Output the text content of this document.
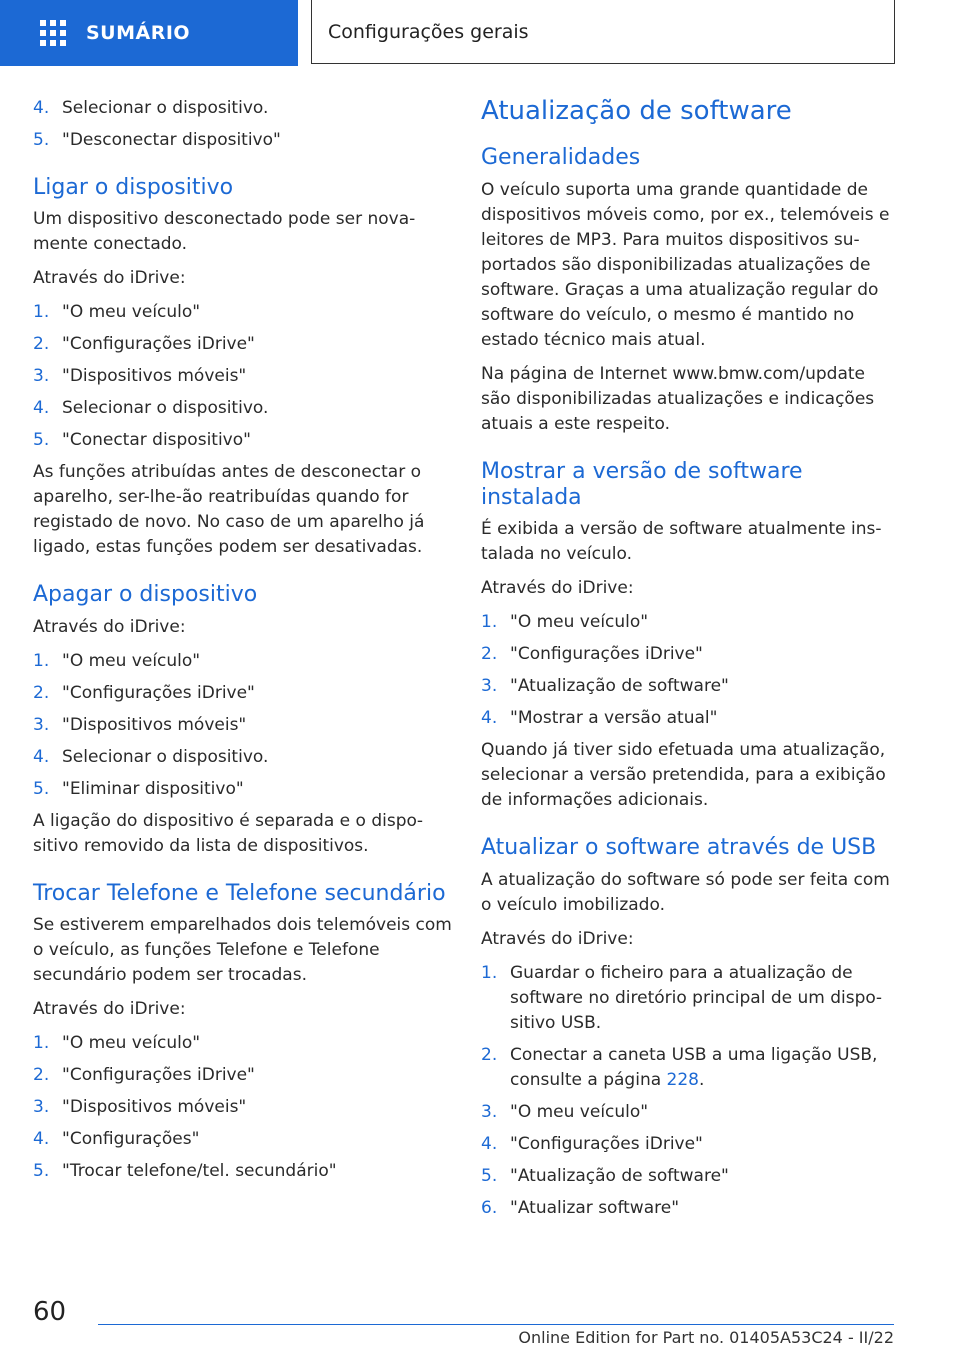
SUMÁRIO	Configurações gerais
4. Selecionar o dispositivo.
5. "Desconectar dispositivo"
Ligar o dispositivo

Um dispositivo desconectado pode ser novamente conectado.

Através do iDrive:

1. "O meu veículo"
2. "Configurações iDrive"
3. "Dispositivos móveis"
4. Selecionar o dispositivo.
5. "Conectar dispositivo"

As funções atribuídas antes de desconectar o aparelho, ser-lhe-ão reatribuídas quando for registado de novo. No caso de um aparelho já ligado, estas funções podem ser desativadas.

Apagar o dispositivo

Através do iDrive:

1. "O meu veículo"
2. "Configurações iDrive"
3. "Dispositivos móveis"
4. Selecionar o dispositivo.
5. "Eliminar dispositivo"

A ligação do dispositivo é separada e o dispositivo removido da lista de dispositivos.

Trocar Telefone e Telefone secundário

Se estiverem emparelhados dois telemóveis com o veículo, as funções Telefone e Telefone secundário podem ser trocadas.

Através do iDrive:

1. "O meu veículo"
2. "Configurações iDrive"
3. "Dispositivos móveis"
4. "Configurações"
5. "Trocar telefone/tel. secundário"
Atualização de software
Generalidades

O veículo suporta uma grande quantidade de dispositivos móveis como, por ex., telemóveis e leitores de MP3. Para muitos dispositivos suportados são disponibilizadas atualizações de software. Graças a uma atualização regular do software do veículo, o mesmo é mantido no estado técnico mais atual.

Na página de Internet www.bmw.com/update são disponibilizadas atualizações e indicações atuais a este respeito.

Mostrar a versão de software instalada

É exibida a versão de software atualmente instalada no veículo.

Através do iDrive:

1. "O meu veículo"
2. "Configurações iDrive"
3. "Atualização de software"
4. "Mostrar a versão atual"

Quando já tiver sido efetuada uma atualização, selecionar a versão pretendida, para a exibição de informações adicionais.

Atualizar o software através de USB

A atualização do software só pode ser feita com o veículo imobilizado.

Através do iDrive:

1. Guardar o ficheiro para a atualização de software no diretório principal de um dispositivo USB.
2. Conectar a caneta USB a uma ligação USB, consulte a página 228.
3. "O meu veículo"
4. "Configurações iDrive"
5. "Atualização de software"
6. "Atualizar software"
60
Online Edition for Part no. 01405A53C24 - II/22
